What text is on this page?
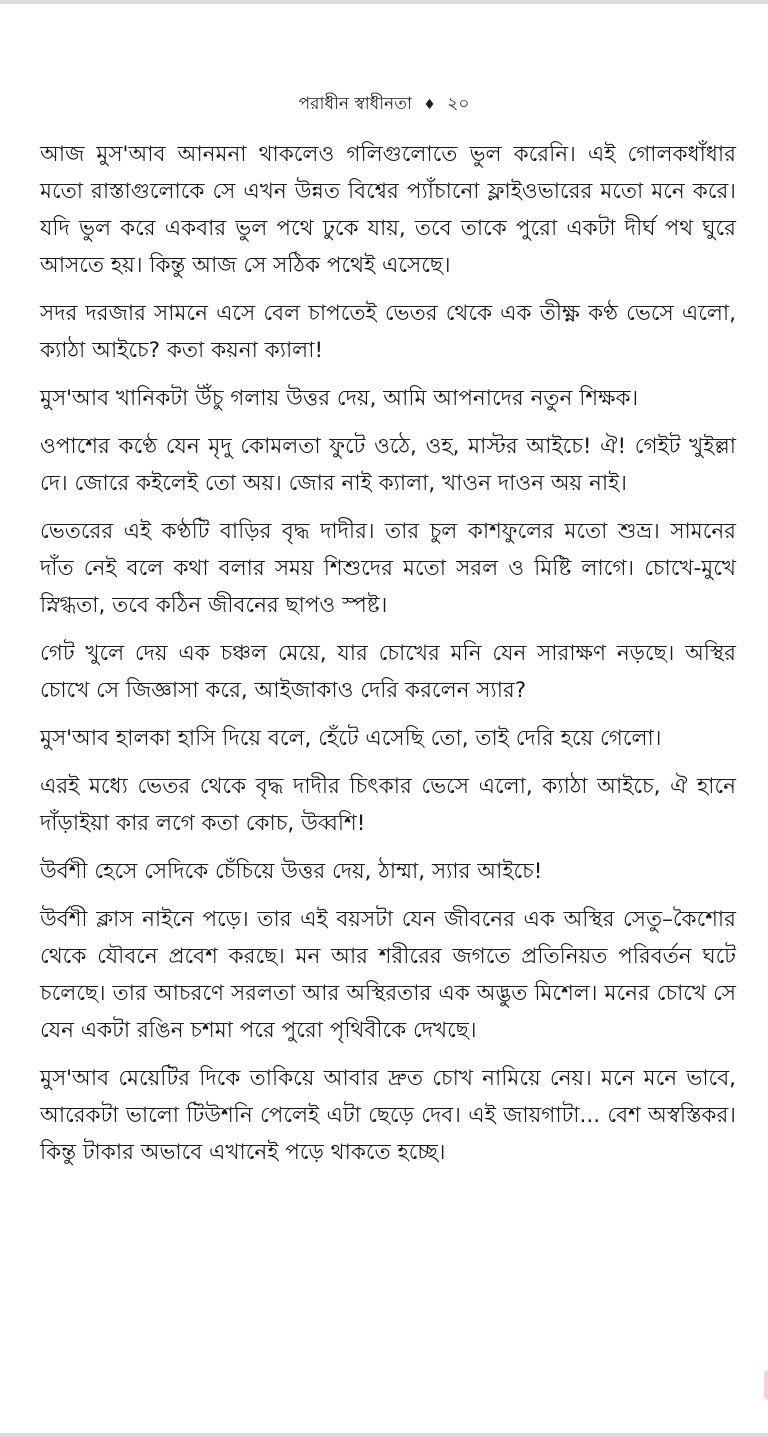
পরাধীন স্বাধীনতা ♦ ২০

আজ মুস'আব আনমনা থাকলেও গলিগুলোতে ভুল করেনি। এই গোলকধাঁধার মতো রাস্তাগুলোকে সে এখন উন্নত বিশ্বের প্যাঁচানো ফ্লাইওভারের মতো মনে করে। যদি ভুল করে একবার ভুল পথে ঢুকে যায়, তবে তাকে পুরো একটা দীর্ঘ পথ ঘুরে আসতে হয়। কিন্তু আজ সে সঠিক পথেই এসেছে।

সদর দরজার সামনে এসে বেল চাপতেই ভেতর থেকে এক তীক্ষ্ণ কণ্ঠ ভেসে এলো, ক্যাঠা আইচে? কতা কয়না ক্যালা!

মুস'আব খানিকটা উঁচু গলায় উত্তর দেয়, আমি আপনাদের নতুন শিক্ষক।

ওপাশের কণ্ঠে যেন মৃদু কোমলতা ফুটে ওঠে, ওহ, মাস্টর আইচে! ঐ! গেইট খুইল্লা দে। জোরে কইলেই তো অয়। জোর নাই ক্যালা, খাওন দাওন অয় নাই।

ভেতরের এই কণ্ঠটি বাড়ির বৃদ্ধ দাদীর। তার চুল কাশফুলের মতো শুভ্র। সামনের দাঁত নেই বলে কথা বলার সময় শিশুদের মতো সরল ও মিষ্টি লাগে। চোখে-মুখে স্নিগ্ধতা, তবে কঠিন জীবনের ছাপও স্পষ্ট।

গেট খুলে দেয় এক চঞ্চল মেয়ে, যার চোখের মনি যেন সারাক্ষণ নড়ছে। অস্থির চোখে সে জিজ্ঞাসা করে, আইজাকাও দেরি করলেন স্যার?

মুস'আব হালকা হাসি দিয়ে বলে, হেঁটে এসেছি তো, তাই দেরি হয়ে গেলো।

এরই মধ্যে ভেতর থেকে বৃদ্ধ দাদীর চিৎকার ভেসে এলো, ক্যাঠা আইচে, ঐ হানে দাঁড়াইয়া কার লগে কতা কোচ, উব্বশি!

উর্বশী হেসে সেদিকে চেঁচিয়ে উত্তর দেয়, ঠাম্মা, স্যার আইচে!

উর্বশী ক্লাস নাইনে পড়ে। তার এই বয়সটা যেন জীবনের এক অস্থির সেতু–কৈশোর থেকে যৌবনে প্রবেশ করছে। মন আর শরীরের জগতে প্রতিনিয়ত পরিবর্তন ঘটে চলেছে। তার আচরণে সরলতা আর অস্থিরতার এক অদ্ভুত মিশেল। মনের চোখে সে যেন একটা রঙিন চশমা পরে পুরো পৃথিবীকে দেখছে।

মুস'আব মেয়েটির দিকে তাকিয়ে আবার দ্রুত চোখ নামিয়ে নেয়। মনে মনে ভাবে, আরেকটা ভালো টিউশনি পেলেই এটা ছেড়ে দেব। এই জায়গাটা... বেশ অস্বস্তিকর। কিন্তু টাকার অভাবে এখানেই পড়ে থাকতে হচ্ছে।
